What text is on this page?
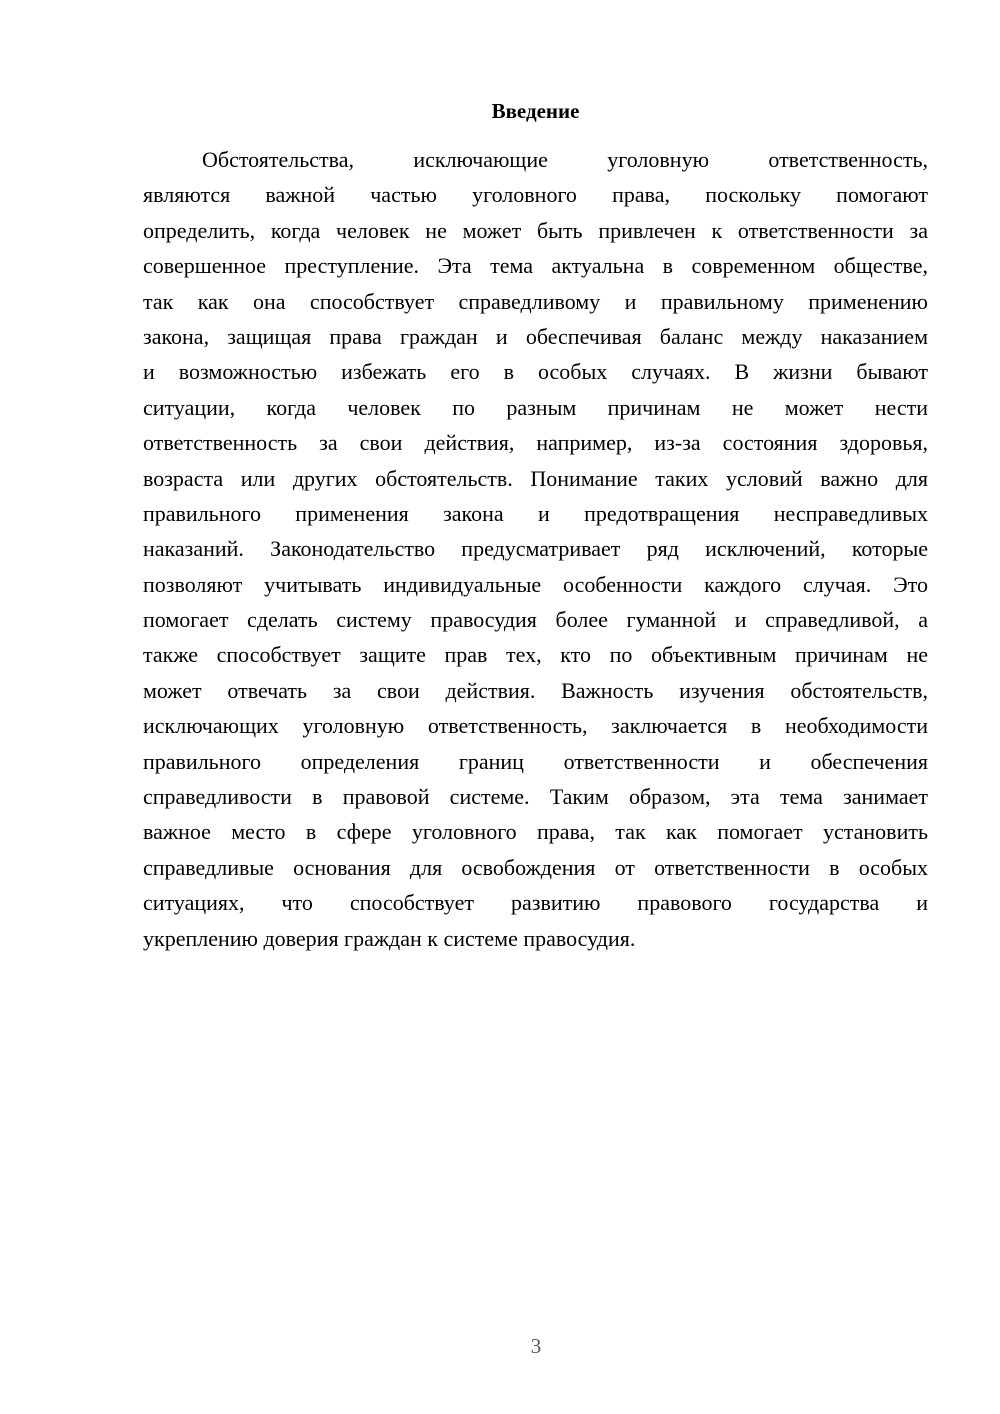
Введение
Обстоятельства, исключающие уголовную ответственность,
являются важной частью уголовного права, поскольку помогают
определить, когда человек не может быть привлечен к ответственности за
совершенное преступление. Эта тема актуальна в современном обществе,
так как она способствует справедливому и правильному применению
закона, защищая права граждан и обеспечивая баланс между наказанием
и возможностью избежать его в особых случаях. В жизни бывают
ситуации, когда человек по разным причинам не может нести
ответственность за свои действия, например, из-за состояния здоровья,
возраста или других обстоятельств. Понимание таких условий важно для
правильного применения закона и предотвращения несправедливых
наказаний. Законодательство предусматривает ряд исключений, которые
позволяют учитывать индивидуальные особенности каждого случая. Это
помогает сделать систему правосудия более гуманной и справедливой, а
также способствует защите прав тех, кто по объективным причинам не
может отвечать за свои действия. Важность изучения обстоятельств,
исключающих уголовную ответственность, заключается в необходимости
правильного определения границ ответственности и обеспечения
справедливости в правовой системе. Таким образом, эта тема занимает
важное место в сфере уголовного права, так как помогает установить
справедливые основания для освобождения от ответственности в особых
ситуациях, что способствует развитию правового государства и
укреплению доверия граждан к системе правосудия.
3
